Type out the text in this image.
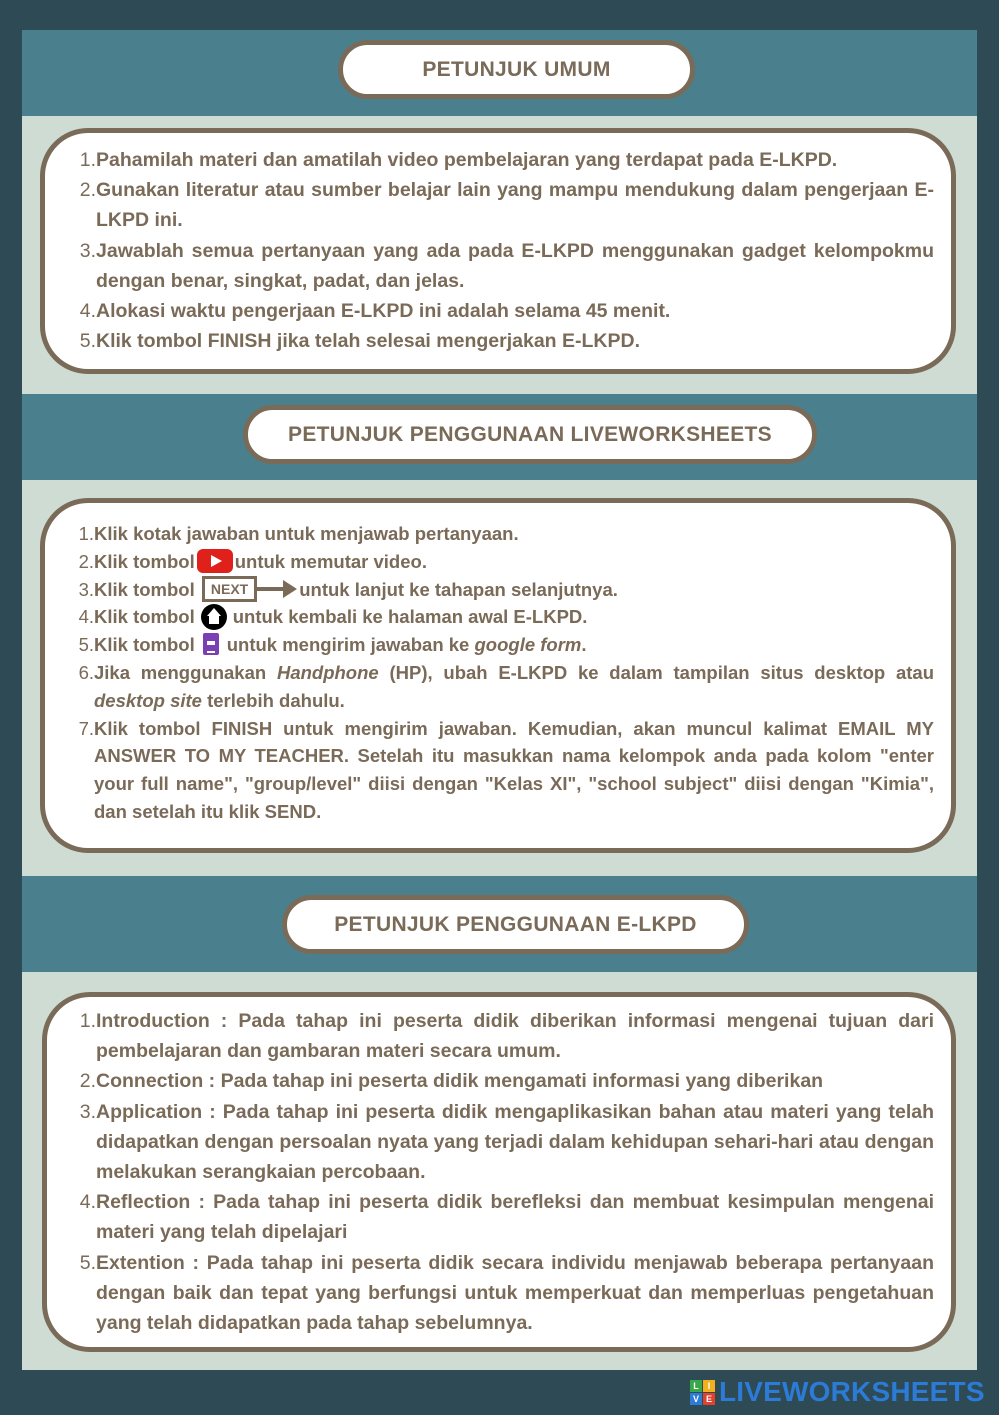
PETUNJUK UMUM
1. Pahamilah materi dan amatilah video pembelajaran yang terdapat pada E-LKPD.
2. Gunakan literatur atau sumber belajar lain yang mampu mendukung dalam pengerjaan E-LKPD ini.
3. Jawablah semua pertanyaan yang ada pada E-LKPD menggunakan gadget kelompokmu dengan benar, singkat, padat, dan jelas.
4. Alokasi waktu pengerjaan E-LKPD ini adalah selama 45 menit.
5. Klik tombol FINISH jika telah selesai mengerjakan E-LKPD.
PETUNJUK PENGGUNAAN LIVEWORKSHEETS
1. Klik kotak jawaban untuk menjawab pertanyaan.
2. Klik tombol untuk memutar video.
3. Klik tombol	NEXT	untuk lanjut ke tahapan selanjutnya.
4. Klik tombol untuk kembali ke halaman awal E-LKPD.
5. Klik tombol untuk mengirim jawaban ke google form.
6. Jika menggunakan Handphone (HP), ubah E-LKPD ke dalam tampilan situs desktop atau desktop site terlebih dahulu.
7. Klik tombol FINISH untuk mengirim jawaban. Kemudian, akan muncul kalimat EMAIL MY ANSWER TO MY TEACHER. Setelah itu masukkan nama kelompok anda pada kolom "enter your full name", "group/level" diisi dengan "Kelas XI", "school subject" diisi dengan "Kimia", dan setelah itu klik SEND.
PETUNJUK PENGGUNAAN E-LKPD
1. Introduction : Pada tahap ini peserta didik diberikan informasi mengenai tujuan dari pembelajaran dan gambaran materi secara umum.
2. Connection : Pada tahap ini peserta didik mengamati informasi yang diberikan
3. Application : Pada tahap ini peserta didik mengaplikasikan bahan atau materi yang telah didapatkan dengan persoalan nyata yang terjadi dalam kehidupan sehari-hari atau dengan melakukan serangkaian percobaan.
4. Reflection : Pada tahap ini peserta didik berefleksi dan membuat kesimpulan mengenai materi yang telah dipelajari
5. Extention : Pada tahap ini peserta didik secara individu menjawab beberapa pertanyaan dengan baik dan tepat yang berfungsi untuk memperkuat dan memperluas pengetahuan yang telah didapatkan pada tahap sebelumnya.
L I
V E LIVEWORKSHEETS
